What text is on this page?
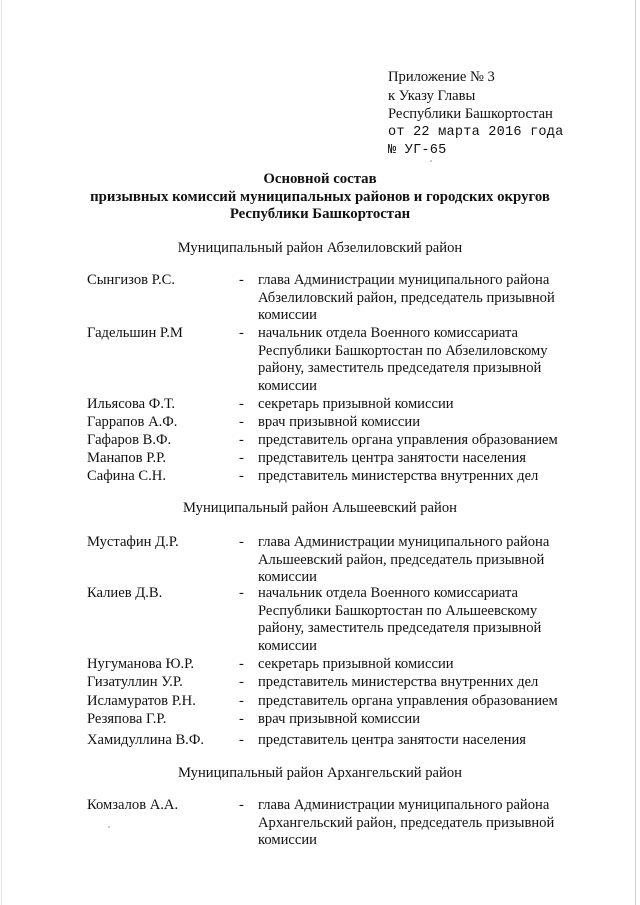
Приложение № 3
к Указу Главы
Республики Башкортостан
от 22 марта 2016 года
№ УГ-65
Основной состав
призывных комиссий муниципальных районов и городских округов
Республики Башкортостан
Муниципальный район Абзелиловский район
Сынгизов Р.С.	- глава Администрации муниципального района
Абзелиловский район, председатель призывной
комиссии
Гадельшин Р.М	- начальник отдела Военного комиссариата
Республики Башкортостан по Абзелиловскому
району, заместитель председателя призывной
комиссии
Ильясова Ф.Т.	- секретарь призывной комиссии
Гаррапов А.Ф.	- врач призывной комиссии
Гафаров В.Ф.	- представитель органа управления образованием
Манапов Р.Р.	- представитель центра занятости населения
Сафина С.Н.	- представитель министерства внутренних дел
Муниципальный район Альшеевский район
Мустафин Д.Р.	- глава Администрации муниципального района
Альшеевский район, председатель призывной
комиссии
Калиев Д.В.	- начальник отдела Военного комиссариата
Республики Башкортостан по Альшеевскому
району, заместитель председателя призывной
комиссии
Нугуманова Ю.Р.	- секретарь призывной комиссии
Гизатуллин У.Р.	- представитель министерства внутренних дел
Исламуратов Р.Н.	- представитель органа управления образованием
Резяпова Г.Р.	- врач призывной комиссии
Хамидуллина В.Ф. - представитель центра занятости населения
Муниципальный район Архангельский район
Комзалов А.А.	- глава Администрации муниципального района
Архангельский район, председатель призывной
комиссии
